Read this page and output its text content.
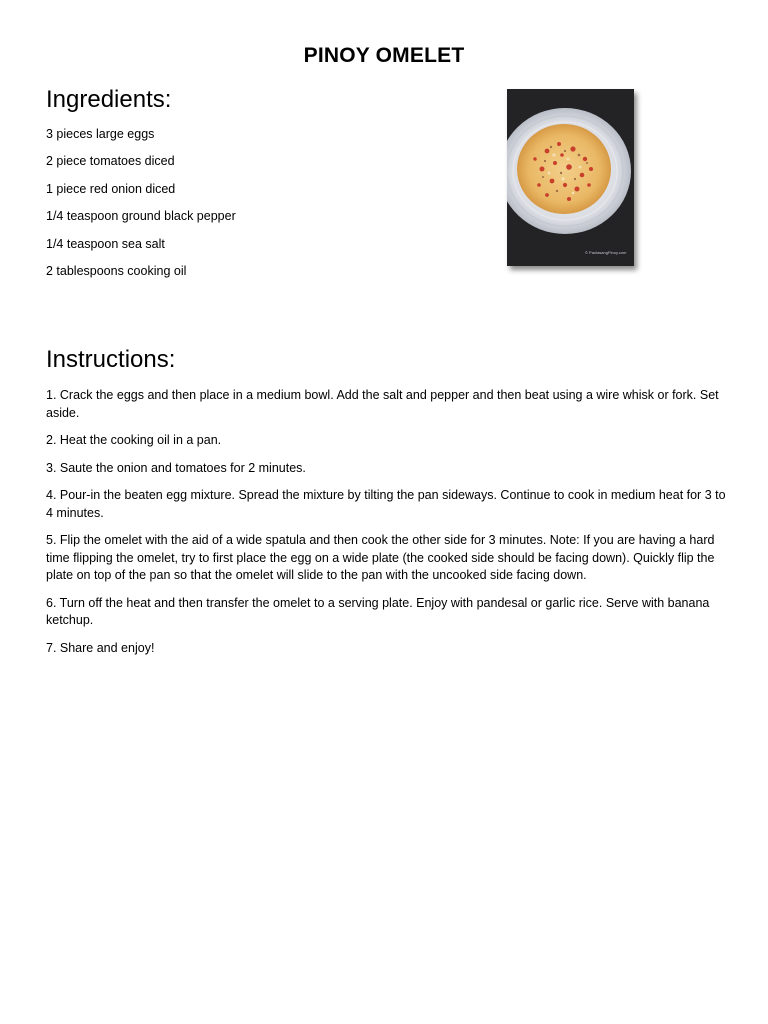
PINOY OMELET
Ingredients:
3 pieces large eggs
2 piece tomatoes diced
1 piece red onion diced
1/4 teaspoon ground black pepper
1/4 teaspoon sea salt
2 tablespoons cooking oil
© PanlasangPinoy.com
Instructions:
1. Crack the eggs and then place in a medium bowl. Add the salt and pepper and then beat using a wire whisk or fork. Set aside.
2. Heat the cooking oil in a pan.
3. Saute the onion and tomatoes for 2 minutes.
4. Pour-in the beaten egg mixture. Spread the mixture by tilting the pan sideways. Continue to cook in medium heat for 3 to 4 minutes.
5. Flip the omelet with the aid of a wide spatula and then cook the other side for 3 minutes. Note: If you are having a hard time flipping the omelet, try to first place the egg on a wide plate (the cooked side should be facing down). Quickly flip the plate on top of the pan so that the omelet will slide to the pan with the uncooked side facing down.
6. Turn off the heat and then transfer the omelet to a serving plate. Enjoy with pandesal or garlic rice. Serve with banana ketchup.
7. Share and enjoy!
